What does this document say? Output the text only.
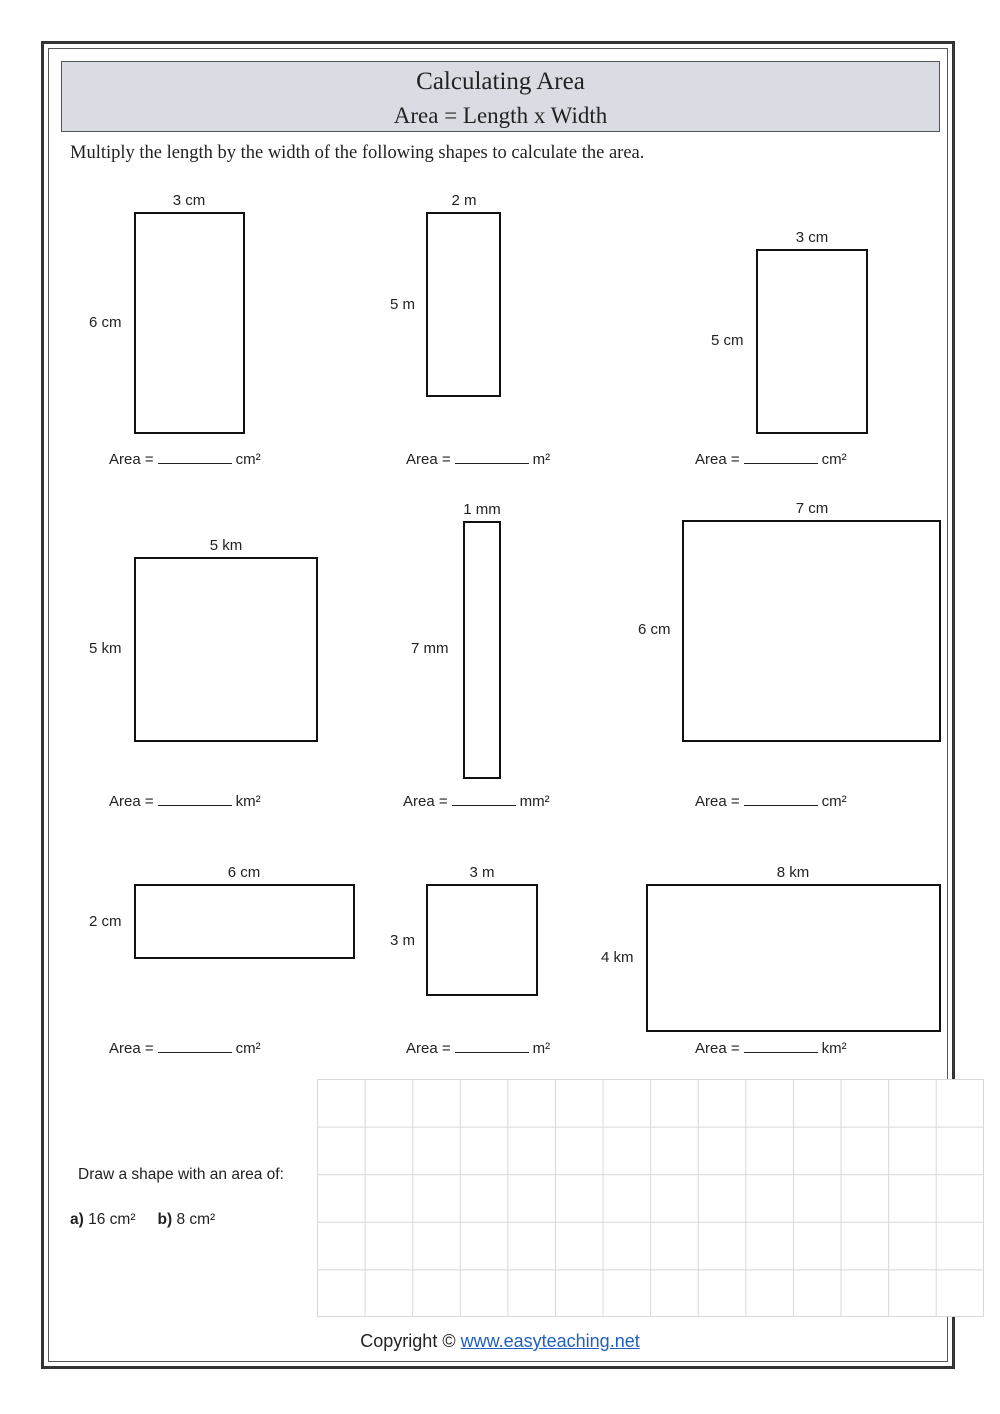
Calculating Area
Area = Length x Width
Multiply the length by the width of the following shapes to calculate the area.
3 cm
6 cm
Area =	cm²
2 m
5 m
Area =	m²
3 cm
5 cm
Area =	cm²
5 km
5 km
Area =	km²
1 mm
7 mm
Area =	mm²
7 cm
6 cm
Area =	cm²
6 cm
2 cm
Area =	cm²
3 m
3 m
Area =	m²
8 km
4 km
Area =	km²
Draw a shape with an area of:
a) 16 cm² b) 8 cm²
Copyright © www.easyteaching.net
